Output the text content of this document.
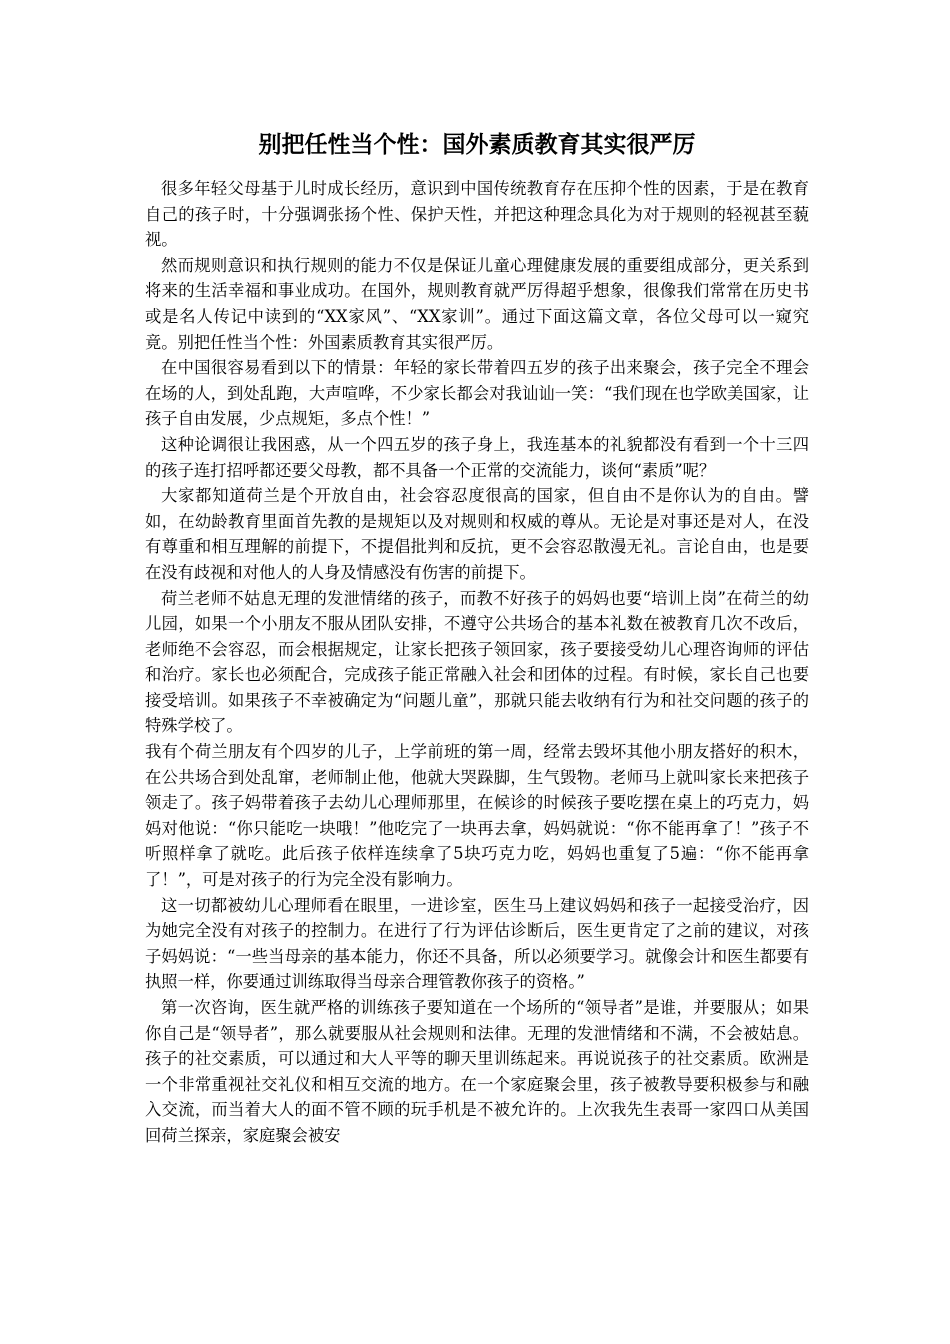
别把任性当个性：国外素质教育其实很严厉

很多年轻父母基于儿时成长经历，意识到中国传统教育存在压抑个性的因素，于是在教育自己的孩子时，十分强调张扬个性、保护天性，并把这种理念具化为对于规则的轻视甚至藐视。

然而规则意识和执行规则的能力不仅是保证儿童心理健康发展的重要组成部分，更关系到将来的生活幸福和事业成功。在国外，规则教育就严厉得超乎想象，很像我们常常在历史书或是名人传记中读到的“XX家风”、“XX家训”。通过下面这篇文章，各位父母可以一窥究竟。别把任性当个性：外国素质教育其实很严厉。

在中国很容易看到以下的情景：年轻的家长带着四五岁的孩子出来聚会，孩子完全不理会在场的人，到处乱跑，大声喧哗，不少家长都会对我讪讪一笑：“我们现在也学欧美国家，让孩子自由发展，少点规矩，多点个性！”

这种论调很让我困惑，从一个四五岁的孩子身上，我连基本的礼貌都没有看到一个十三四的孩子连打招呼都还要父母教，都不具备一个正常的交流能力，谈何“素质”呢？

大家都知道荷兰是个开放自由，社会容忍度很高的国家，但自由不是你认为的自由。譬如，在幼龄教育里面首先教的是规矩以及对规则和权威的尊从。无论是对事还是对人，在没有尊重和相互理解的前提下，不提倡批判和反抗，更不会容忍散漫无礼。言论自由，也是要在没有歧视和对他人的人身及情感没有伤害的前提下。

荷兰老师不姑息无理的发泄情绪的孩子，而教不好孩子的妈妈也要“培训上岗”在荷兰的幼儿园，如果一个小朋友不服从团队安排，不遵守公共场合的基本礼数在被教育几次不改后，老师绝不会容忍，而会根据规定，让家长把孩子领回家，孩子要接受幼儿心理咨询师的评估和治疗。家长也必须配合，完成孩子能正常融入社会和团体的过程。有时候，家长自己也要接受培训。如果孩子不幸被确定为“问题儿童”，那就只能去收纳有行为和社交问题的孩子的特殊学校了。

我有个荷兰朋友有个四岁的儿子，上学前班的第一周，经常去毁坏其他小朋友搭好的积木，在公共场合到处乱窜，老师制止他，他就大哭跺脚，生气毁物。老师马上就叫家长来把孩子领走了。孩子妈带着孩子去幼儿心理师那里，在候诊的时候孩子要吃摆在桌上的巧克力，妈妈对他说：“你只能吃一块哦！”他吃完了一块再去拿，妈妈就说：“你不能再拿了！”孩子不听照样拿了就吃。此后孩子依样连续拿了5块巧克力吃，妈妈也重复了5遍：“你不能再拿了！”，可是对孩子的行为完全没有影响力。

这一切都被幼儿心理师看在眼里，一进诊室，医生马上建议妈妈和孩子一起接受治疗，因为她完全没有对孩子的控制力。在进行了行为评估诊断后，医生更肯定了之前的建议，对孩子妈妈说：“一些当母亲的基本能力，你还不具备，所以必须要学习。就像会计和医生都要有执照一样，你要通过训练取得当母亲合理管教你孩子的资格。”

第一次咨询，医生就严格的训练孩子要知道在一个场所的“领导者”是谁，并要服从；如果你自己是“领导者”，那么就要服从社会规则和法律。无理的发泄情绪和不满，不会被姑息。孩子的社交素质，可以通过和大人平等的聊天里训练起来。再说说孩子的社交素质。欧洲是一个非常重视社交礼仪和相互交流的地方。在一个家庭聚会里，孩子被教导要积极参与和融入交流，而当着大人的面不管不顾的玩手机是不被允许的。上次我先生表哥一家四口从美国回荷兰探亲，家庭聚会被安
